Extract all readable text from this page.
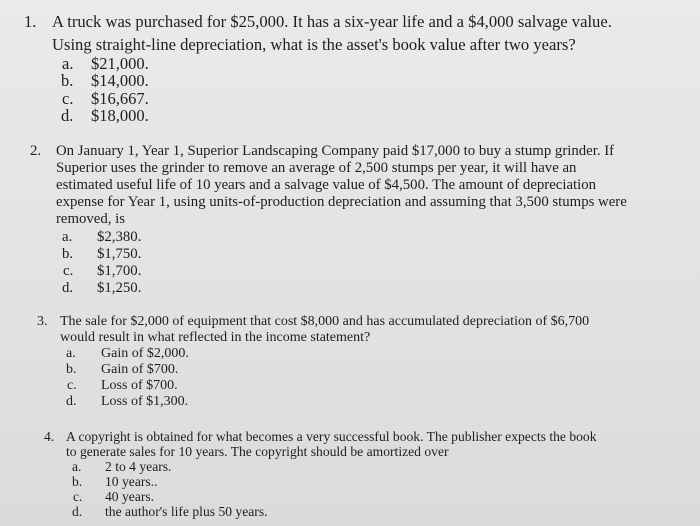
1. A truck was purchased for $25,000. It has a six-year life and a $4,000 salvage value.
Using straight-line depreciation, what is the asset's book value after two years?
a. $21,000.
b. $14,000.
c. $16,667.
d. $18,000.
2. On January 1, Year 1, Superior Landscaping Company paid $17,000 to buy a stump grinder. If
Superior uses the grinder to remove an average of 2,500 stumps per year, it will have an
estimated useful life of 10 years and a salvage value of $4,500. The amount of depreciation
expense for Year 1, using units-of-production depreciation and assuming that 3,500 stumps were
removed, is
a. $2,380.
b. $1,750.
c. $1,700.
d. $1,250.
3. The sale for $2,000 of equipment that cost $8,000 and has accumulated depreciation of $6,700
would result in what reflected in the income statement?
a. Gain of $2,000.
b. Gain of $700.
c. Loss of $700.
d. Loss of $1,300.
4. A copyright is obtained for what becomes a very successful book. The publisher expects the book
to generate sales for 10 years. The copyright should be amortized over
a. 2 to 4 years.
b. 10 years..
c. 40 years.
d. the author's life plus 50 years.
